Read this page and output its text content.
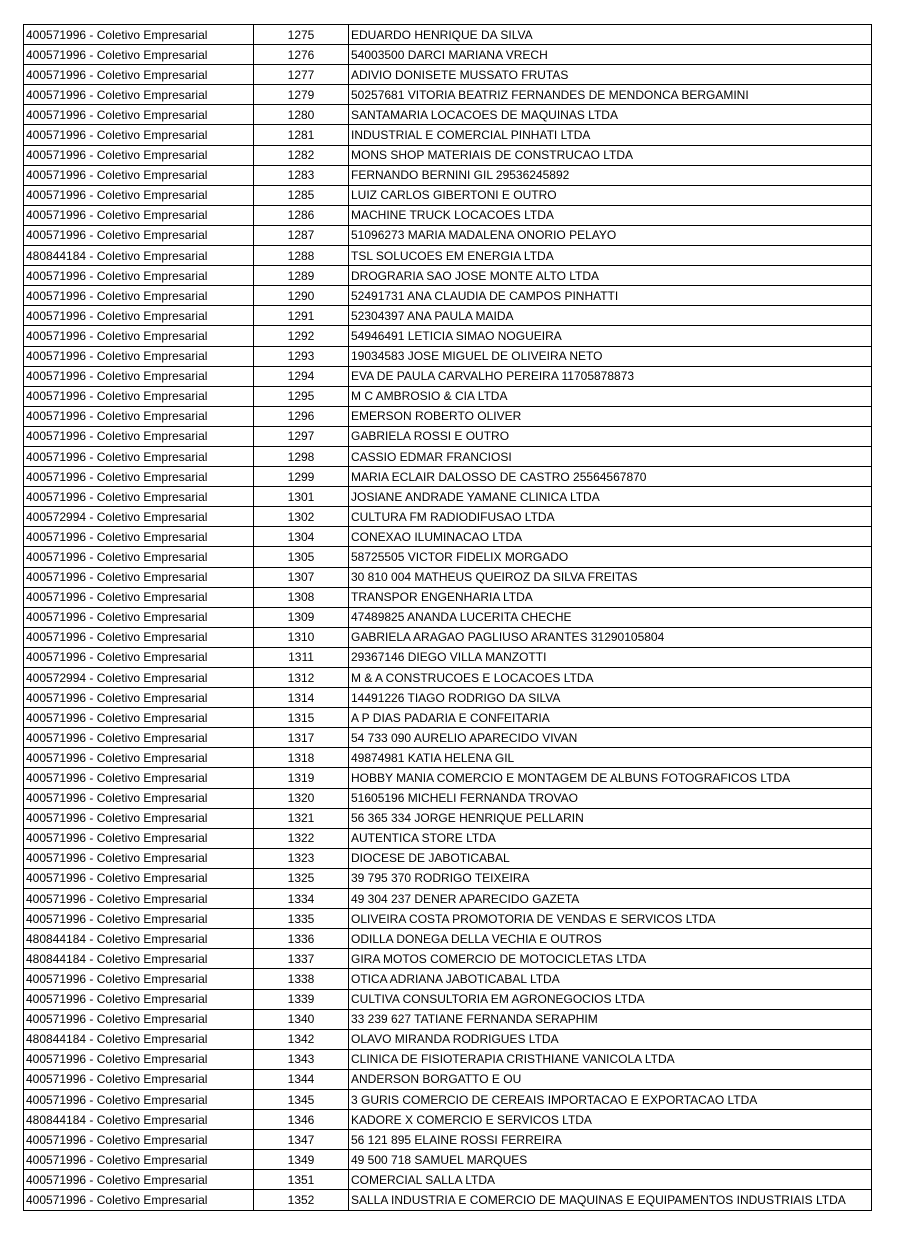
400571996 - Coletivo Empresarial	1275	EDUARDO HENRIQUE DA SILVA
400571996 - Coletivo Empresarial	1276	54003500 DARCI MARIANA VRECH
400571996 - Coletivo Empresarial	1277	ADIVIO DONISETE MUSSATO FRUTAS
400571996 - Coletivo Empresarial	1279	50257681 VITORIA BEATRIZ FERNANDES DE MENDONCA BERGAMINI
400571996 - Coletivo Empresarial	1280	SANTAMARIA LOCACOES DE MAQUINAS LTDA
400571996 - Coletivo Empresarial	1281	INDUSTRIAL E COMERCIAL PINHATI LTDA
400571996 - Coletivo Empresarial	1282	MONS SHOP MATERIAIS DE CONSTRUCAO LTDA
400571996 - Coletivo Empresarial	1283	FERNANDO BERNINI GIL 29536245892
400571996 - Coletivo Empresarial	1285	LUIZ CARLOS GIBERTONI E OUTRO
400571996 - Coletivo Empresarial	1286	MACHINE TRUCK LOCACOES LTDA
400571996 - Coletivo Empresarial	1287	51096273 MARIA MADALENA ONORIO PELAYO
480844184 - Coletivo Empresarial	1288	TSL SOLUCOES EM ENERGIA LTDA
400571996 - Coletivo Empresarial	1289	DROGRARIA SAO JOSE MONTE ALTO LTDA
400571996 - Coletivo Empresarial	1290	52491731 ANA CLAUDIA DE CAMPOS PINHATTI
400571996 - Coletivo Empresarial	1291	52304397 ANA PAULA MAIDA
400571996 - Coletivo Empresarial	1292	54946491 LETICIA SIMAO NOGUEIRA
400571996 - Coletivo Empresarial	1293	19034583 JOSE MIGUEL DE OLIVEIRA NETO
400571996 - Coletivo Empresarial	1294	EVA DE PAULA CARVALHO PEREIRA 11705878873
400571996 - Coletivo Empresarial	1295	M C AMBROSIO & CIA LTDA
400571996 - Coletivo Empresarial	1296	EMERSON ROBERTO OLIVER
400571996 - Coletivo Empresarial	1297	GABRIELA ROSSI E OUTRO
400571996 - Coletivo Empresarial	1298	CASSIO EDMAR FRANCIOSI
400571996 - Coletivo Empresarial	1299	MARIA ECLAIR DALOSSO DE CASTRO 25564567870
400571996 - Coletivo Empresarial	1301	JOSIANE ANDRADE YAMANE CLINICA LTDA
400572994 - Coletivo Empresarial	1302	CULTURA FM RADIODIFUSAO LTDA
400571996 - Coletivo Empresarial	1304	CONEXAO ILUMINACAO LTDA
400571996 - Coletivo Empresarial	1305	58725505 VICTOR FIDELIX MORGADO
400571996 - Coletivo Empresarial	1307	30 810 004 MATHEUS QUEIROZ DA SILVA FREITAS
400571996 - Coletivo Empresarial	1308	TRANSPOR ENGENHARIA LTDA
400571996 - Coletivo Empresarial	1309	47489825 ANANDA LUCERITA CHECHE
400571996 - Coletivo Empresarial	1310	GABRIELA ARAGAO PAGLIUSO ARANTES 31290105804
400571996 - Coletivo Empresarial	1311	29367146 DIEGO VILLA MANZOTTI
400572994 - Coletivo Empresarial	1312	M & A CONSTRUCOES E LOCACOES LTDA
400571996 - Coletivo Empresarial	1314	14491226 TIAGO RODRIGO DA SILVA
400571996 - Coletivo Empresarial	1315	A P DIAS PADARIA E CONFEITARIA
400571996 - Coletivo Empresarial	1317	54 733 090 AURELIO APARECIDO VIVAN
400571996 - Coletivo Empresarial	1318	49874981 KATIA HELENA GIL
400571996 - Coletivo Empresarial	1319	HOBBY MANIA COMERCIO E MONTAGEM DE ALBUNS FOTOGRAFICOS LTDA
400571996 - Coletivo Empresarial	1320	51605196 MICHELI FERNANDA TROVAO
400571996 - Coletivo Empresarial	1321	56 365 334 JORGE HENRIQUE PELLARIN
400571996 - Coletivo Empresarial	1322	AUTENTICA STORE LTDA
400571996 - Coletivo Empresarial	1323	DIOCESE DE JABOTICABAL
400571996 - Coletivo Empresarial	1325	39 795 370 RODRIGO TEIXEIRA
400571996 - Coletivo Empresarial	1334	49 304 237 DENER APARECIDO GAZETA
400571996 - Coletivo Empresarial	1335	OLIVEIRA COSTA PROMOTORIA DE VENDAS E SERVICOS LTDA
480844184 - Coletivo Empresarial	1336	ODILLA DONEGA DELLA VECHIA E OUTROS
480844184 - Coletivo Empresarial	1337	GIRA MOTOS COMERCIO DE MOTOCICLETAS LTDA
400571996 - Coletivo Empresarial	1338	OTICA ADRIANA JABOTICABAL LTDA
400571996 - Coletivo Empresarial	1339	CULTIVA CONSULTORIA EM AGRONEGOCIOS LTDA
400571996 - Coletivo Empresarial	1340	33 239 627 TATIANE FERNANDA SERAPHIM
480844184 - Coletivo Empresarial	1342	OLAVO MIRANDA RODRIGUES LTDA
400571996 - Coletivo Empresarial	1343	CLINICA DE FISIOTERAPIA CRISTHIANE VANICOLA LTDA
400571996 - Coletivo Empresarial	1344	ANDERSON BORGATTO E OU
400571996 - Coletivo Empresarial	1345	3 GURIS COMERCIO DE CEREAIS IMPORTACAO E EXPORTACAO LTDA
480844184 - Coletivo Empresarial	1346	KADORE X COMERCIO E SERVICOS LTDA
400571996 - Coletivo Empresarial	1347	56 121 895 ELAINE ROSSI FERREIRA
400571996 - Coletivo Empresarial	1349	49 500 718 SAMUEL MARQUES
400571996 - Coletivo Empresarial	1351	COMERCIAL SALLA LTDA
400571996 - Coletivo Empresarial	1352	SALLA INDUSTRIA E COMERCIO DE MAQUINAS E EQUIPAMENTOS INDUSTRIAIS LTDA
